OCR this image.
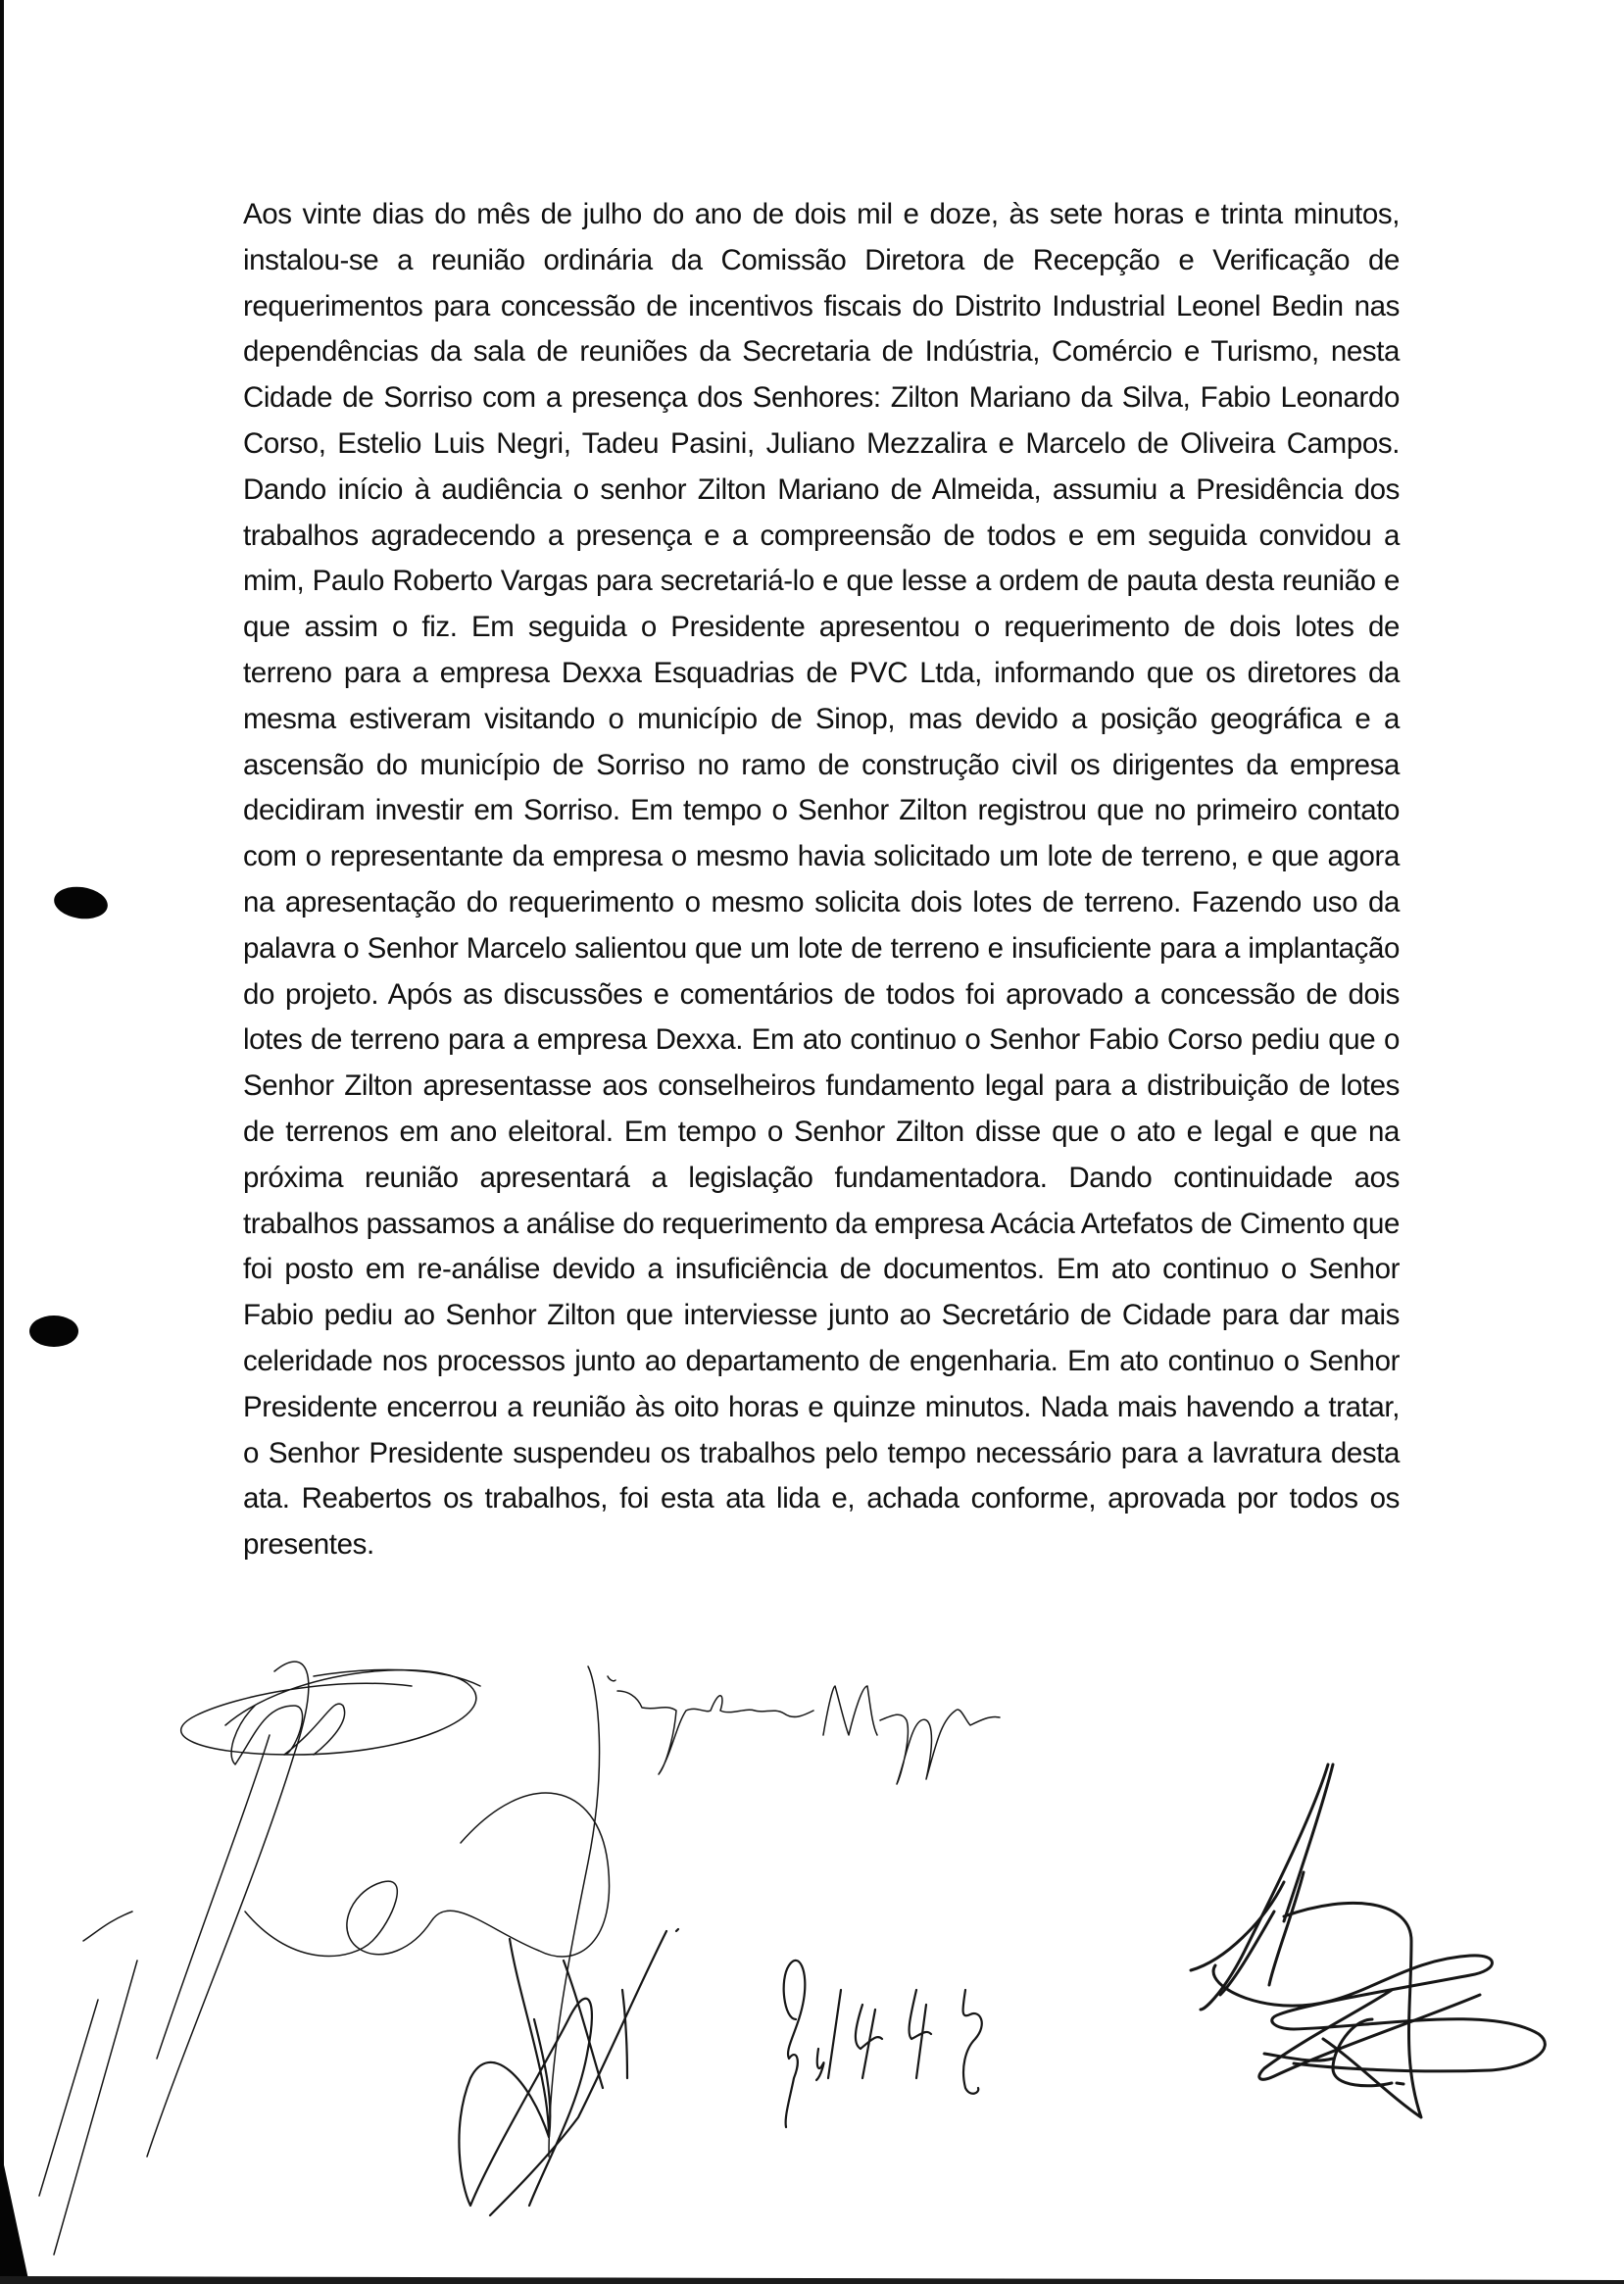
Aos vinte dias do mês de julho do ano de dois mil e doze, às sete horas e trinta minutos, instalou-se a reunião ordinária da Comissão Diretora de Recepção e Verificação de requerimentos para concessão de incentivos fiscais do Distrito Industrial Leonel Bedin nas dependências da sala de reuniões da Secretaria de Indústria, Comércio e Turismo, nesta Cidade de Sorriso com a presença dos Senhores: Zilton Mariano da Silva, Fabio Leonardo Corso, Estelio Luis Negri, Tadeu Pasini, Juliano Mezzalira e Marcelo de Oliveira Campos. Dando início à audiência o senhor Zilton Mariano de Almeida, assumiu a Presidência dos trabalhos agradecendo a presença e a compreensão de todos e em seguida convidou a mim, Paulo Roberto Vargas para secretariá-lo e que lesse a ordem de pauta desta reunião e que assim o fiz. Em seguida o Presidente apresentou o requerimento de dois lotes de terreno para a empresa Dexxa Esquadrias de PVC Ltda, informando que os diretores da mesma estiveram visitando o município de Sinop, mas devido a posição geográfica e a ascensão do município de Sorriso no ramo de construção civil os dirigentes da empresa decidiram investir em Sorriso. Em tempo o Senhor Zilton registrou que no primeiro contato com o representante da empresa o mesmo havia solicitado um lote de terreno, e que agora na apresentação do requerimento o mesmo solicita dois lotes de terreno. Fazendo uso da palavra o Senhor Marcelo salientou que um lote de terreno e insuficiente para a implantação do projeto. Após as discussões e comentários de todos foi aprovado a concessão de dois lotes de terreno para a empresa Dexxa. Em ato continuo o Senhor Fabio Corso pediu que o Senhor Zilton apresentasse aos conselheiros fundamento legal para a distribuição de lotes de terrenos em ano eleitoral. Em tempo o Senhor Zilton disse que o ato e legal e que na próxima reunião apresentará a legislação fundamentadora. Dando continuidade aos trabalhos passamos a análise do requerimento da empresa Acácia Artefatos de Cimento que foi posto em re-análise devido a insuficiência de documentos. Em ato continuo o Senhor Fabio pediu ao Senhor Zilton que interviesse junto ao Secretário de Cidade para dar mais celeridade nos processos junto ao departamento de engenharia. Em ato continuo o Senhor Presidente encerrou a reunião às oito horas e quinze minutos. Nada mais havendo a tratar, o Senhor Presidente suspendeu os trabalhos pelo tempo necessário para a lavratura desta ata. Reabertos os trabalhos, foi esta ata lida e, achada conforme, aprovada por todos os presentes.
